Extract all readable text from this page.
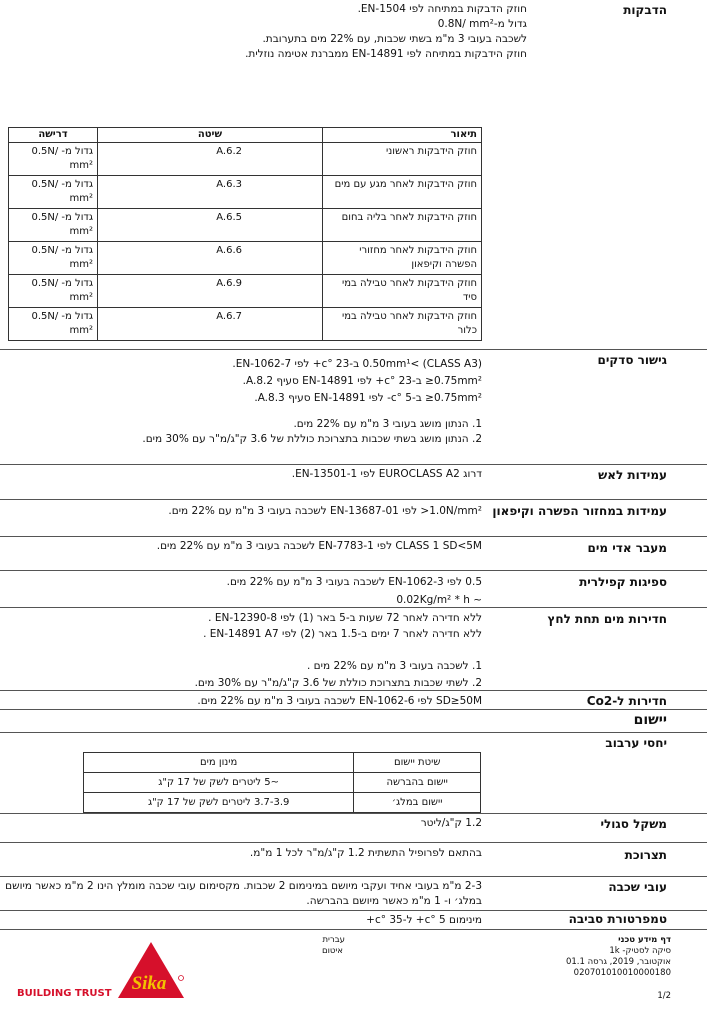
הדבקות
חוזק הדבקות במתיחה לפי EN-1504.
גדול מ-0.8N/ mm²
לשכבה בעובי 3 מ"מ בשתי שכבות, עם 22% מים בתערובת.
חוזק הידבקות במתיחה לפי EN-14891 ממברנת אטימה נוזלית.
תיאור	שיטה	דרישה
חוזק הידבקות ראשוני	A.6.2	גדול מ- 0.5N/ mm²
חוזק הידבקות לאחר מגע עם מים	A.6.3	גדול מ- 0.5N/ mm²
חוזק הידבקות לאחר בליה בחום	A.6.5	גדול מ- 0.5N/ mm²
חוזק הידבקות לאחר מחזורי הפשרה וקיפאון	A.6.6	גדול מ- 0.5N/ mm²
חוזק הידבקות לאחר טבילה במי סיד	A.6.9	גדול מ- 0.5N/ mm²
חוזק הידבקות לאחר טבילה במי כלור	A.6.7	גדול מ- 0.5N/ mm²
גישור סדקים
0.50mm¹< (CLASS A3) ב-c° 23+ לפי EN-1062-7.
0.75mm²≤ ב-c° 23+ לפי EN-14891 סעיף A.8.2.
0.75mm²≤ ב-c° 5- לפי EN-14891 סעיף A.8.3.
1. הנתון מושג בעובי 3 מ"מ עם 22% מים.
2. הנתון מושג בשתי שכבות בתצרוכת כוללת של 3.6 ק"ג/מ"ר עם 30% מים.
עמידות לאש
דרוג EUROCLASS A2 לפי EN-13501-1.
עמידות במחזור הפשרה וקיפאון
1.0N/mm²< לפי EN-13687-01 לשכבה בעובי 3 מ"מ עם 22% מים.
מעבר אדי מים
CLASS 1 SD<5M לפי EN-7783-1 לשכבה בעובי 3 מ"מ עם 22% מים.
ספיגות קפילרית
0.5 לפי EN-1062-3 לשכבה בעובי 3 מ"מ עם 22% מים.
~ 0.02Kg/m² * h
חדירות מים תחת לחץ
ללא חדירה לאחר 72 שעות ב-5 באר (1) לפי EN-12390-8 .
ללא חדירה לאחר 7 ימים ב-1.5 באר (2) לפי EN-14891 A7 .
1. לשכבה בעובי 3 מ"מ עם 22% מים .
2. לשתי שכבות בתצרוכת כוללת של 3.6 ק"ג/מ"ר עם 30% מים.
חדירות ל-Co2
SD≥50M לפי EN-1062-6 לשכבה בעובי 3 מ"מ עם 22% מים.
יישום
יחסי ערבוב
שיטת יישום	מינון מים
יישום בהברשה	~5 ליטרים לשק של 17 ק"ג
יישום במלג׳	3.7-3.9 ליטרים לשק של 17 ק"ג
משקל סגולי
1.2 ק"ג/ליטר
תצרוכת
בהתאם לפרופיל התשתית 1.2 ק"ג/מ"ר לכל 1 מ"מ.
עובי שכבה
2-3 מ"מ בעובי אחיד ועקבי מיושם במינימום 2 שכבות. מקסימום עובי שכבה מומלץ הינו 2 מ"מ כאשר מיושם
במלג׳ ו- 1 מ"מ כאשר מיושם בהברשה.
טמפרטורת סביבה
מינימום c° 5+ ל-c° 35+
דף מידע טכני
סיקה לסטיק- 1k
אוקטובר, 2019, גרסה 01.1
020701010010000180
עברית
איטום
Sika
BUILDING TRUST	1/2
